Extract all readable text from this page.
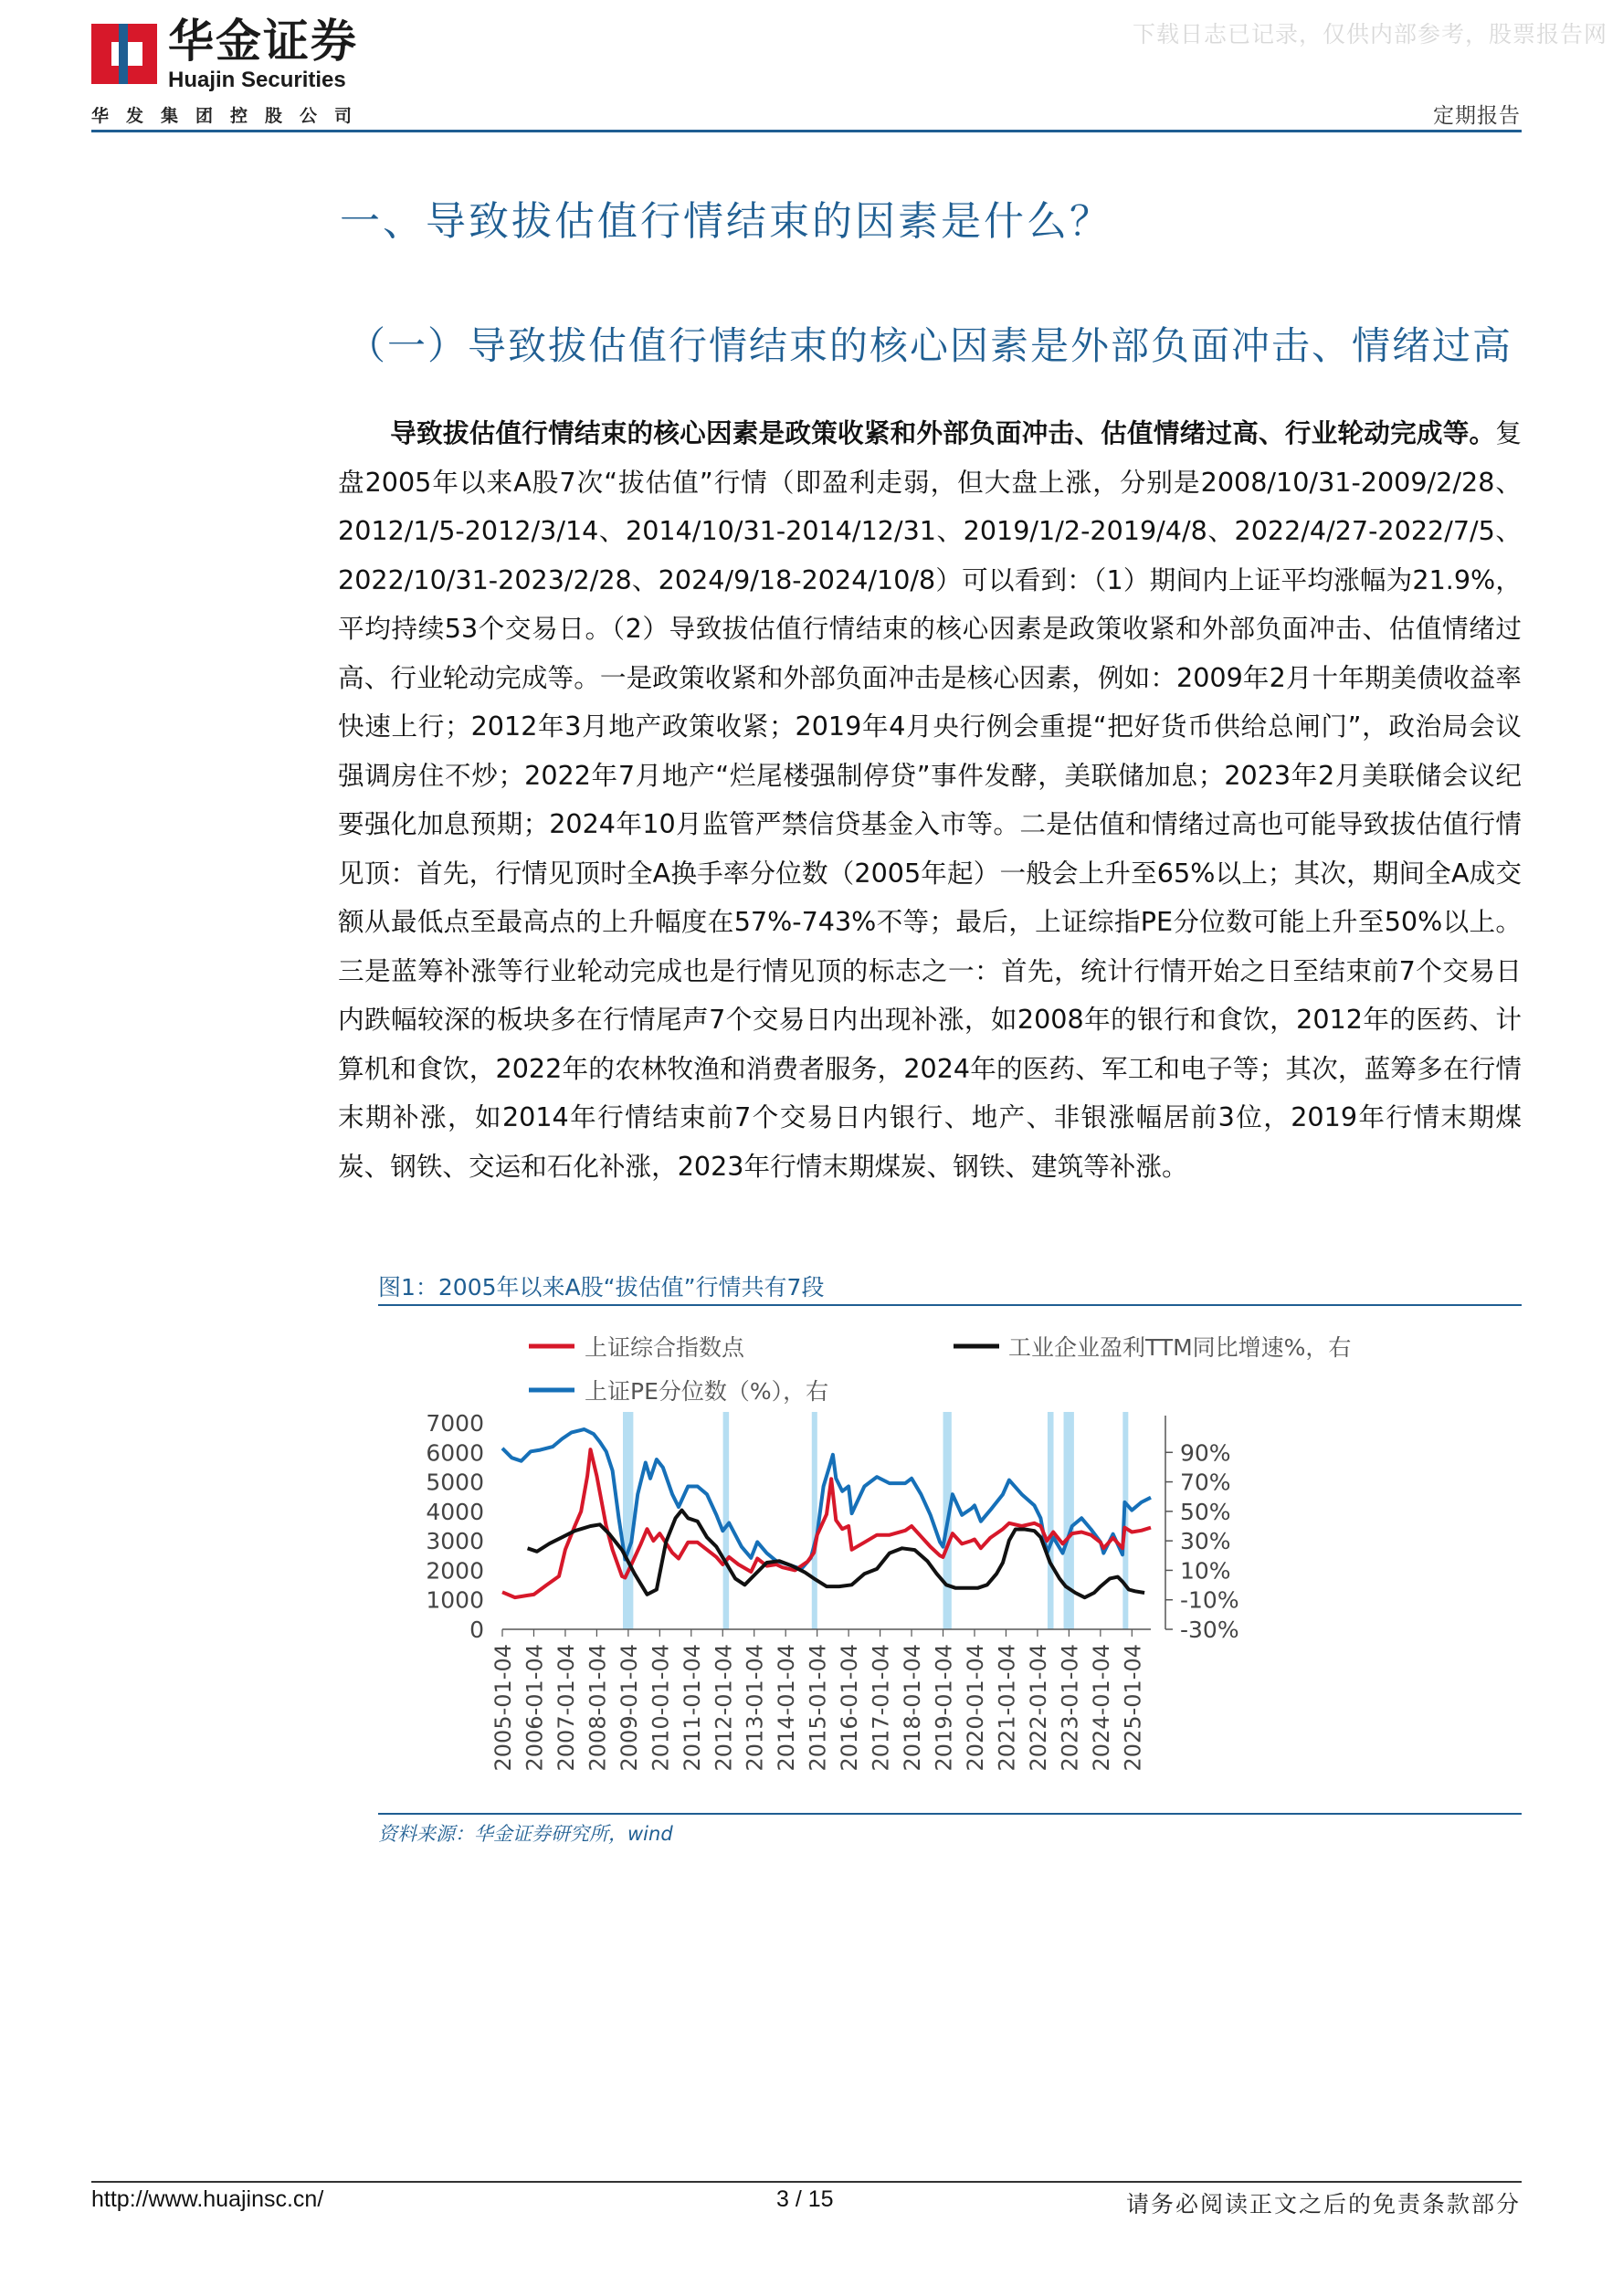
下载日志已记录，仅供内部参考，股票报告网
华金证券
Huajin Securities
华发集团控股公司	定期报告
一、导致拔估值行情结束的因素是什么？
（一）导致拔估值行情结束的核心因素是外部负面冲击、情绪过高

导致拔估值行情结束的核心因素是政策收紧和外部负面冲击、估值情绪过高、行业轮动完成等。复盘2005年以来A股7次“拔估值”行情（即盈利走弱，但大盘上涨，分别是2008/10/31-2009/2/28、2012/1/5-2012/3/14、2014/10/31-2014/12/31、2019/1/2-2019/4/8、2022/4/27-2022/7/5、2022/10/31-2023/2/28、2024/9/18-2024/10/8）可以看到：（1）期间内上证平均涨幅为21.9%，平均持续53个交易日。（2）导致拔估值行情结束的核心因素是政策收紧和外部负面冲击、估值情绪过高、行业轮动完成等。一是政策收紧和外部负面冲击是核心因素，例如：2009年2月十年期美债收益率快速上行；2012年3月地产政策收紧；2019年4月央行例会重提“把好货币供给总闸门”，政治局会议强调房住不炒；2022年7月地产“烂尾楼强制停贷”事件发酵，美联储加息；2023年2月美联储会议纪要强化加息预期；2024年10月监管严禁信贷基金入市等。二是估值和情绪过高也可能导致拔估值行情见顶：首先，行情见顶时全A换手率分位数（2005年起）一般会上升至65%以上；其次，期间全A成交额从最低点至最高点的上升幅度在57%-743%不等；最后，上证综指PE分位数可能上升至50%以上。三是蓝筹补涨等行业轮动完成也是行情见顶的标志之一：首先，统计行情开始之日至结束前7个交易日内跌幅较深的板块多在行情尾声7个交易日内出现补涨，如2008年的银行和食饮，2012年的医药、计算机和食饮，2022年的农林牧渔和消费者服务，2024年的医药、军工和电子等；其次，蓝筹多在行情末期补涨，如2014年行情结束前7个交易日内银行、地产、非银涨幅居前3位，2019年行情末期煤炭、钢铁、交运和石化补涨，2023年行情末期煤炭、钢铁、建筑等补涨。

图1：2005年以来A股“拔估值”行情共有7段
上证综合指数点	工业企业盈利TTM同比增速%，右
上证PE分位数（%），右
0
1000
2000
3000
4000
5000
6000
7000
-30%
-10%
10%
30%
50%
70%
90%
2005-01-04 2006-01-04 2007-01-04 2008-01-04 2009-01-04 2010-01-04 2011-01-04 2012-01-04 2013-01-04 2014-01-04 2015-01-04 2016-01-04 2017-01-04 2018-01-04 2019-01-04 2020-01-04 2021-01-04 2022-01-04 2023-01-04 2024-01-04 2025-01-04
资料来源：华金证券研究所，wind
http://www.huajinsc.cn/	3 / 15	请务必阅读正文之后的免责条款部分
